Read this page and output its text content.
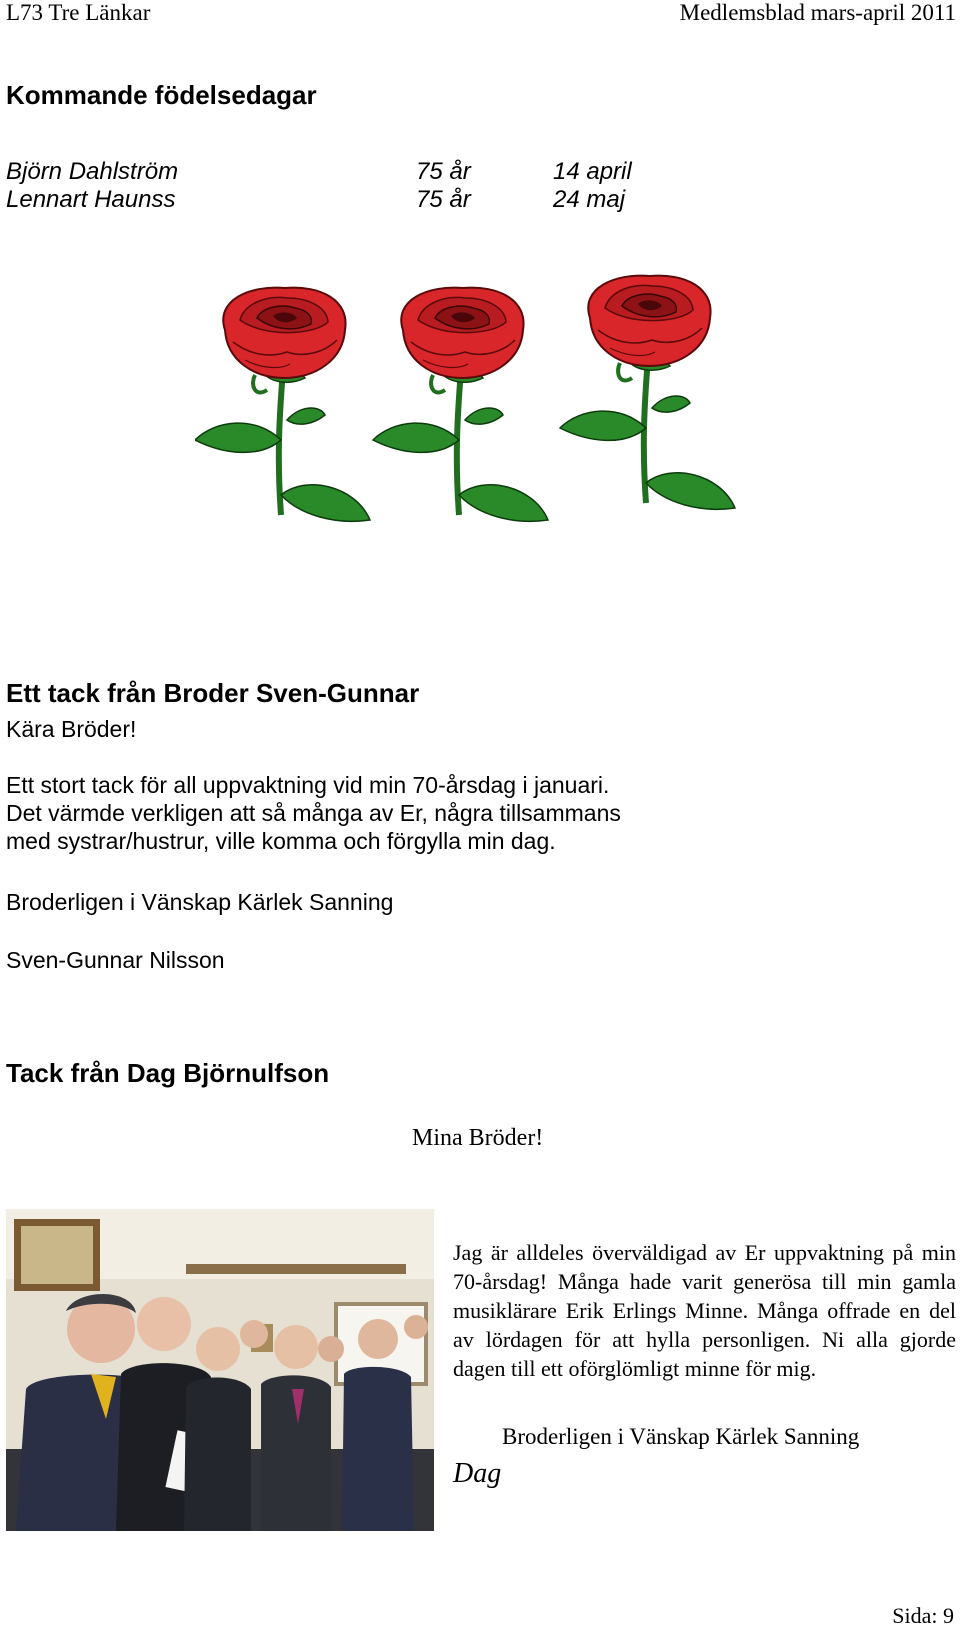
L73 Tre Länkar	Medlemsblad mars-april 2011
Kommande födelsedagar
Björn Dahlström	75 år	14 april
Lennart Haunss	75 år	24 maj
Ett tack från Broder Sven-Gunnar
Kära Bröder!
Ett stort tack för all uppvaktning vid min 70-årsdag i januari.
Det värmde verkligen att så många av Er, några tillsammans
med systrar/hustrur, ville komma och förgylla min dag.
Broderligen i Vänskap Kärlek Sanning
Sven-Gunnar Nilsson
Tack från Dag Björnulfson
Mina Bröder!
Jag är alldeles överväldigad av Er uppvaktning på min 70-årsdag! Många hade varit generösa till min gamla musiklärare Erik Erlings Minne. Många offrade en del av lördagen för att hylla personligen. Ni alla gjorde dagen till ett oförglömligt minne för mig.
Broderligen i Vänskap Kärlek Sanning
Dag
Sida: 9
